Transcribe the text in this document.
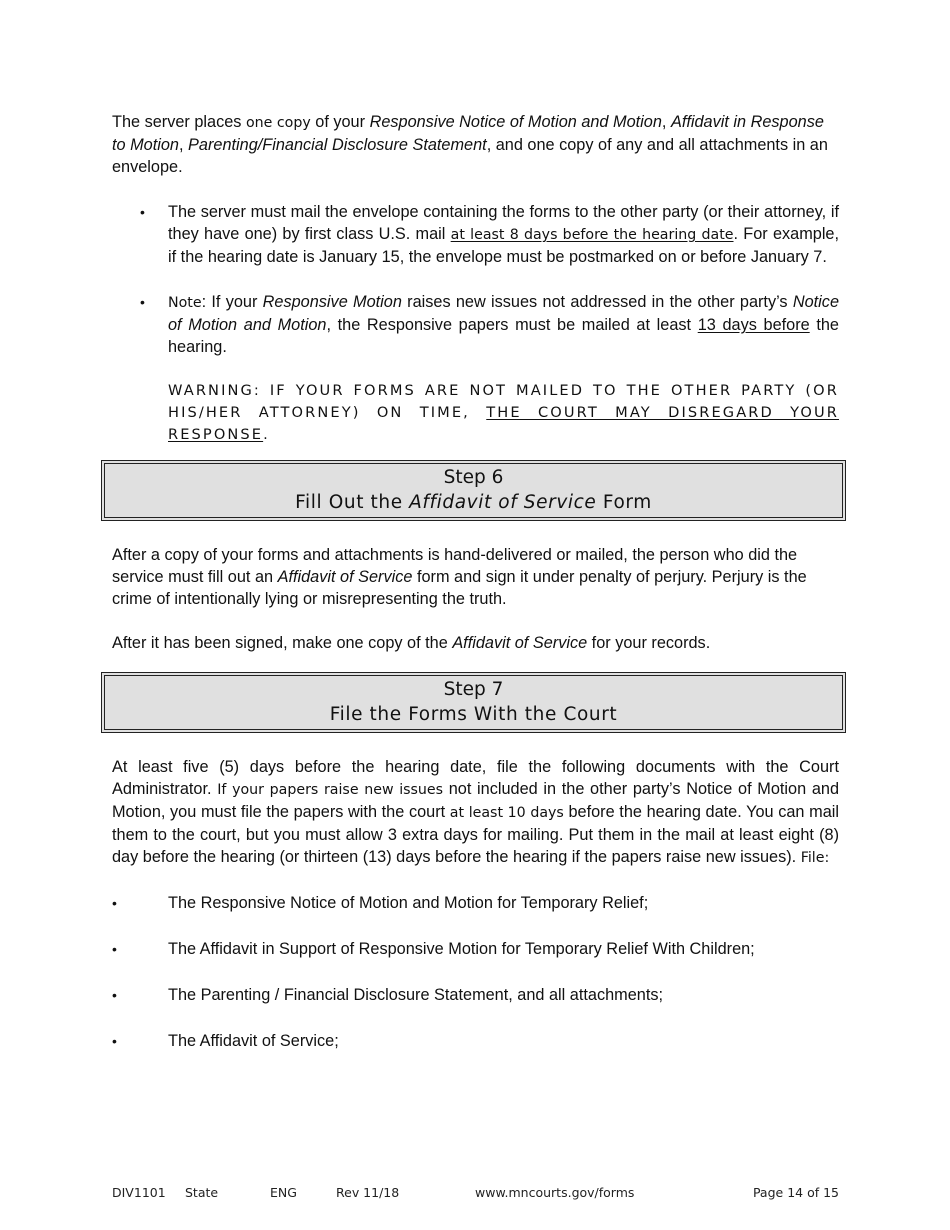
The server places one copy of your Responsive Notice of Motion and Motion, Affidavit in Response to Motion, Parenting/Financial Disclosure Statement, and one copy of any and all attachments in an envelope.

• The server must mail the envelope containing the forms to the other party (or their attorney, if they have one) by first class U.S. mail at least 8 days before the hearing date. For example, if the hearing date is January 15, the envelope must be postmarked on or before January 7.

• Note: If your Responsive Motion raises new issues not addressed in the other party’s Notice of Motion and Motion, the Responsive papers must be mailed at least 13 days before the hearing.

WARNING: IF YOUR FORMS ARE NOT MAILED TO THE OTHER PARTY (OR HIS/HER ATTORNEY) ON TIME, THE COURT MAY DISREGARD YOUR RESPONSE.

Step 6
Fill Out the Affidavit of Service Form

After a copy of your forms and attachments is hand-delivered or mailed, the person who did the service must fill out an Affidavit of Service form and sign it under penalty of perjury. Perjury is the crime of intentionally lying or misrepresenting the truth.

After it has been signed, make one copy of the Affidavit of Service for your records.

Step 7
File the Forms With the Court

At least five (5) days before the hearing date, file the following documents with the Court Administrator. If your papers raise new issues not included in the other party’s Notice of Motion and Motion, you must file the papers with the court at least 10 days before the hearing date. You can mail them to the court, but you must allow 3 extra days for mailing. Put them in the mail at least eight (8) day before the hearing (or thirteen (13) days before the hearing if the papers raise new issues). File:

•	The Responsive Notice of Motion and Motion for Temporary Relief;

•	The Affidavit in Support of Responsive Motion for Temporary Relief With Children;

•	The Parenting / Financial Disclosure Statement, and all attachments;

•	The Affidavit of Service;

DIV1101 State	ENG	Rev 11/18	www.mncourts.gov/forms	Page 14 of 15
